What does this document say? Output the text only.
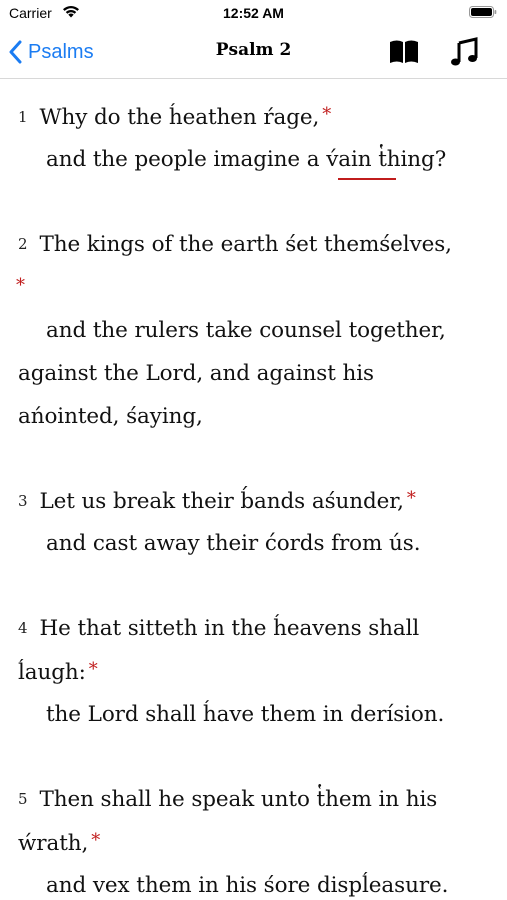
Carrier	12:52 AM
Psalms	Psalm 2
1 Why do the h́eathen ŕage, *
and the people imagine a v́ain t̔hing?
2 The kings of the earth śet themśelves,
*
and the rulers take counsel together,
against the Lord, and against his
ańointed, śaying,
3 Let us break their b́ands aśunder, *
and cast away their ćords from ús.
4 He that sitteth in the h́eavens shall
ĺaugh: *
the Lord shall h́ave them in derísion.
5 Then shall he speak unto t̔hem in his
ẃrath, *
and vex them in his śore dispĺeasure.
